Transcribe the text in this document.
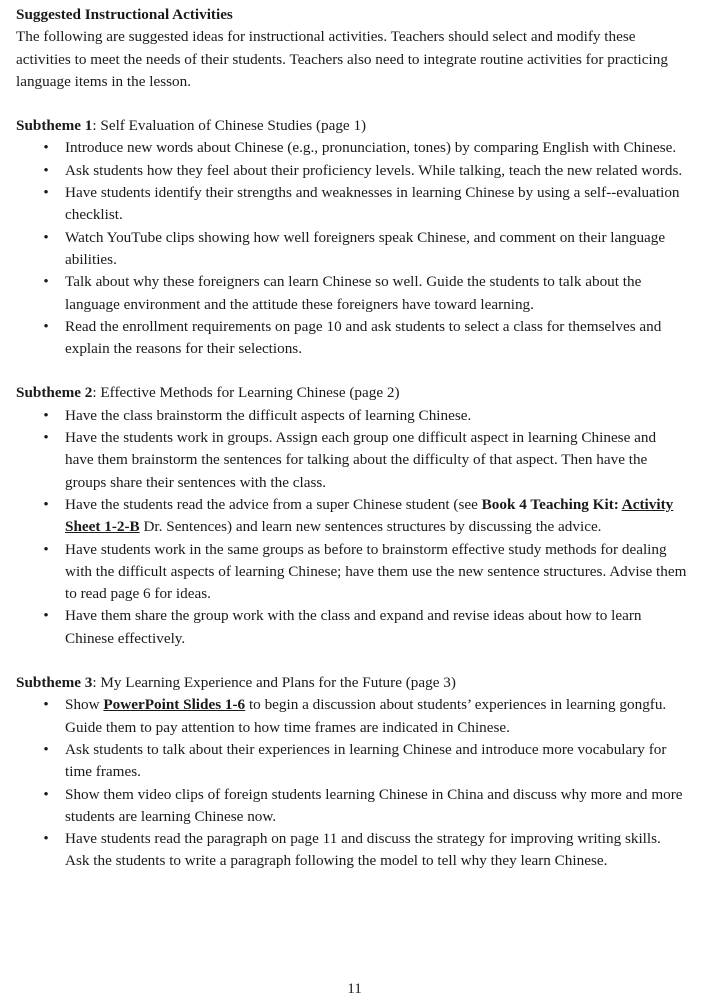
Suggested Instructional Activities

The following are suggested ideas for instructional activities. Teachers should select and modify these activities to meet the needs of their students. Teachers also need to integrate routine activities for practicing language items in the lesson.

Subtheme 1: Self Evaluation of Chinese Studies (page 1)

• Introduce new words about Chinese (e.g., pronunciation, tones) by comparing English with Chinese.
• Ask students how they feel about their proficiency levels. While talking, teach the new related words.
• Have students identify their strengths and weaknesses in learning Chinese by using a self--evaluation checklist.
• Watch YouTube clips showing how well foreigners speak Chinese, and comment on their language abilities.
• Talk about why these foreigners can learn Chinese so well. Guide the students to talk about the language environment and the attitude these foreigners have toward learning.
• Read the enrollment requirements on page 10 and ask students to select a class for themselves and explain the reasons for their selections.

Subtheme 2: Effective Methods for Learning Chinese (page 2)

• Have the class brainstorm the difficult aspects of learning Chinese.
• Have the students work in groups. Assign each group one difficult aspect in learning Chinese and have them brainstorm the sentences for talking about the difficulty of that aspect. Then have the groups share their sentences with the class.
• Have the students read the advice from a super Chinese student (see Book 4 Teaching Kit: Activity Sheet 1-2-B Dr. Sentences) and learn new sentences structures by discussing the advice.
• Have students work in the same groups as before to brainstorm effective study methods for dealing with the difficult aspects of learning Chinese; have them use the new sentence structures. Advise them to read page 6 for ideas.
• Have them share the group work with the class and expand and revise ideas about how to learn Chinese effectively.

Subtheme 3: My Learning Experience and Plans for the Future (page 3)

• Show PowerPoint Slides 1-6 to begin a discussion about students’ experiences in learning gongfu. Guide them to pay attention to how time frames are indicated in Chinese.
• Ask students to talk about their experiences in learning Chinese and introduce more vocabulary for time frames.
• Show them video clips of foreign students learning Chinese in China and discuss why more and more students are learning Chinese now.
• Have students read the paragraph on page 11 and discuss the strategy for improving writing skills. Ask the students to write a paragraph following the model to tell why they learn Chinese.
11
